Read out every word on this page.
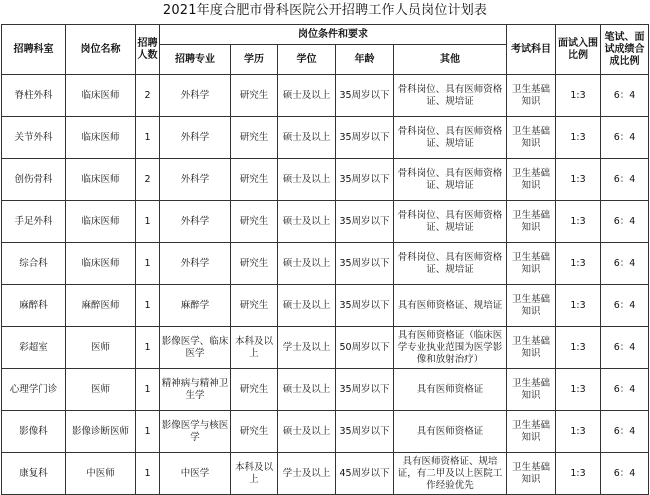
2021年度合肥市骨科医院公开招聘工作人员岗位计划表
招聘科室	岗位名称	招聘人数	岗位条件和要求					考试科目	面试入围比例	笔试、面试成绩合成比例
			招聘专业	学历	学位	年龄	其他			
脊柱外科	临床医师	2	外科学	研究生	硕士及以上	35周岁以下	骨科岗位、具有医师资格证、规培证	卫生基础知识	1:3	6：4
关节外科	临床医师	1	外科学	研究生	硕士及以上	35周岁以下	骨科岗位、具有医师资格证、规培证	卫生基础知识	1:3	6：4
创伤骨科	临床医师	2	外科学	研究生	硕士及以上	35周岁以下	骨科岗位、具有医师资格证、规培证	卫生基础知识	1:3	6：4
手足外科	临床医师	1	外科学	研究生	硕士及以上	35周岁以下	骨科岗位、具有医师资格证、规培证	卫生基础知识	1:3	6：4
综合科	临床医师	1	外科学	研究生	硕士及以上	35周岁以下	骨科岗位、具有医师资格证、规培证	卫生基础知识	1:3	6：4
麻醉科	麻醉医师	1	麻醉学	研究生	硕士及以上	35周岁以下	具有医师资格证、规培证	卫生基础知识	1:3	6：4
彩超室	医师	1	影像医学、临床医学	本科及以上	学士及以上	50周岁以下	具有医师资格证（临床医学专业执业范围为医学影像和放射治疗）	卫生基础知识	1:3	6：4
心理学门诊	医师	1	精神病与精神卫生学	研究生	硕士及以上	35周岁以下	具有医师资格证	卫生基础知识	1:3	6：4
影像科	影像诊断医师	1	影像医学与核医学	研究生	硕士及以上	35周岁以下	具有医师资格证	卫生基础知识	1:3	6：4
康复科	中医师	1	中医学	本科及以上	学士及以上	45周岁以下	具有医师资格证、规培证，有二甲及以上医院工作经验优先	卫生基础知识	1:3	6：4
